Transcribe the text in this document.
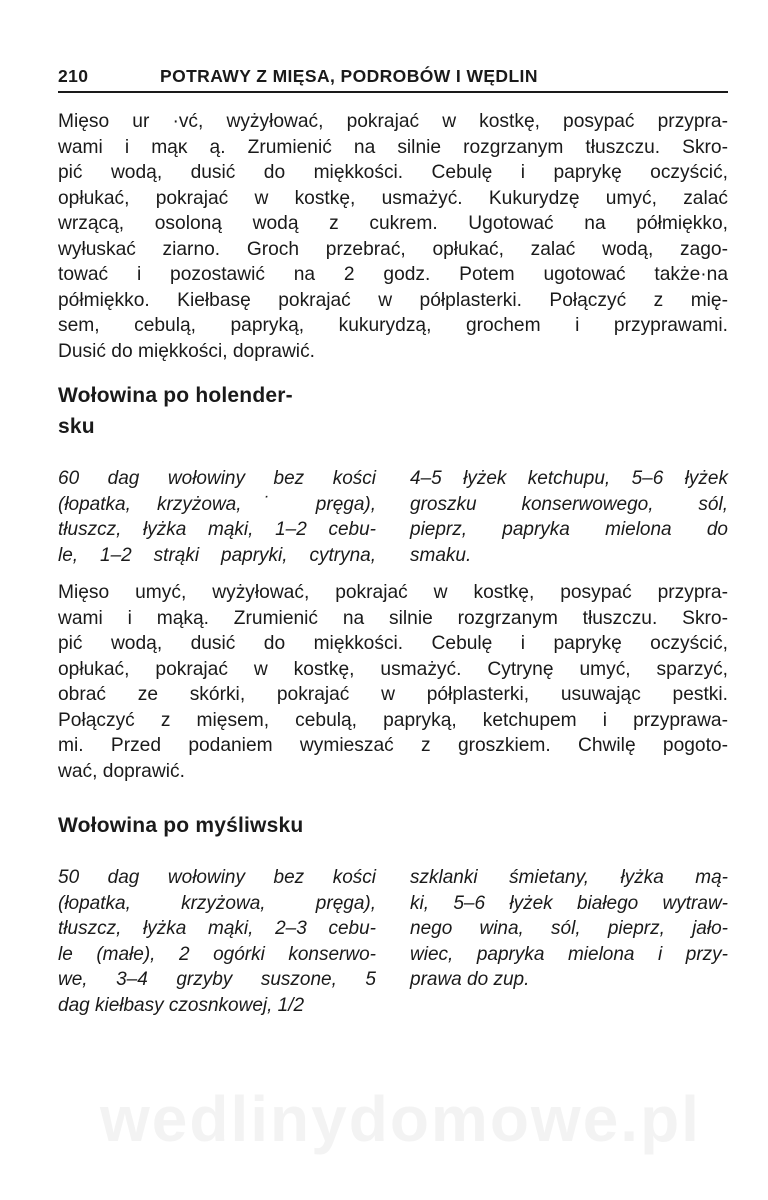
210	POTRAWY Z MIĘSA, PODROBÓW I WĘDLIN

Mięso ur ·vć, wyżyłować, pokrajać w kostkę, posypać przypra-
wami i mąᴋ ą. Zrumienić na silnie rozgrzanym tłuszczu. Skro-
pić wodą, dusić do miękkości. Cebulę i paprykę oczyścić,
opłukać, pokrajać w kostkę, usmażyć. Kukurydzę umyć, zalać
wrzącą, osoloną wodą z cukrem. Ugotować na półmiękko,
wyłuskać ziarno. Groch przebrać, opłukać, zalać wodą, zago-
tować i pozostawić na 2 godz. Potem ugotować także·na
półmiękko. Kiełbasę pokrajać w półplasterki. Połączyć z mię-
sem, cebulą, papryką, kukurydzą, grochem i przyprawami.
Dusić do miękkości, doprawić.

Wołowina po holender-
sku
60 dag wołowiny bez kości
(łopatka, krzyżowa,˙ pręga),
tłuszcz, łyżka mąki, 1–2 cebu-
le, 1–2 strąki papryki, cytryna,
4–5 łyżek ketchupu, 5–6 łyżek
groszku konserwowego, sól,
pieprz, papryka mielona do
smaku.

Mięso umyć, wyżyłować, pokrajać w kostkę, posypać przypra-
wami i mąką. Zrumienić na silnie rozgrzanym tłuszczu. Skro-
pić wodą, dusić do miękkości. Cebulę i paprykę oczyścić,
opłukać, pokrajać w kostkę, usmażyć. Cytrynę umyć, sparzyć,
obrać ze skórki, pokrajać w półplasterki, usuwając pestki.
Połączyć z mięsem, cebulą, papryką, ketchupem i przyprawa-
mi. Przed podaniem wymieszać z groszkiem. Chwilę pogoto-
wać, doprawić.

Wołowina po myśliwsku
50 dag wołowiny bez kości
(łopatka, krzyżowa, pręga),
tłuszcz, łyżka mąki, 2–3 cebu-
le (małe), 2 ogórki konserwo-
we, 3–4 grzyby suszone, 5
dag kiełbasy czosnkowej, 1/2
szklanki śmietany, łyżka mą-
ki, 5–6 łyżek białego wytraw-
nego wina, sól, pieprz, jało-
wiec, papryka mielona i przy-
prawa do zup.
wedlinydomowe.pl
